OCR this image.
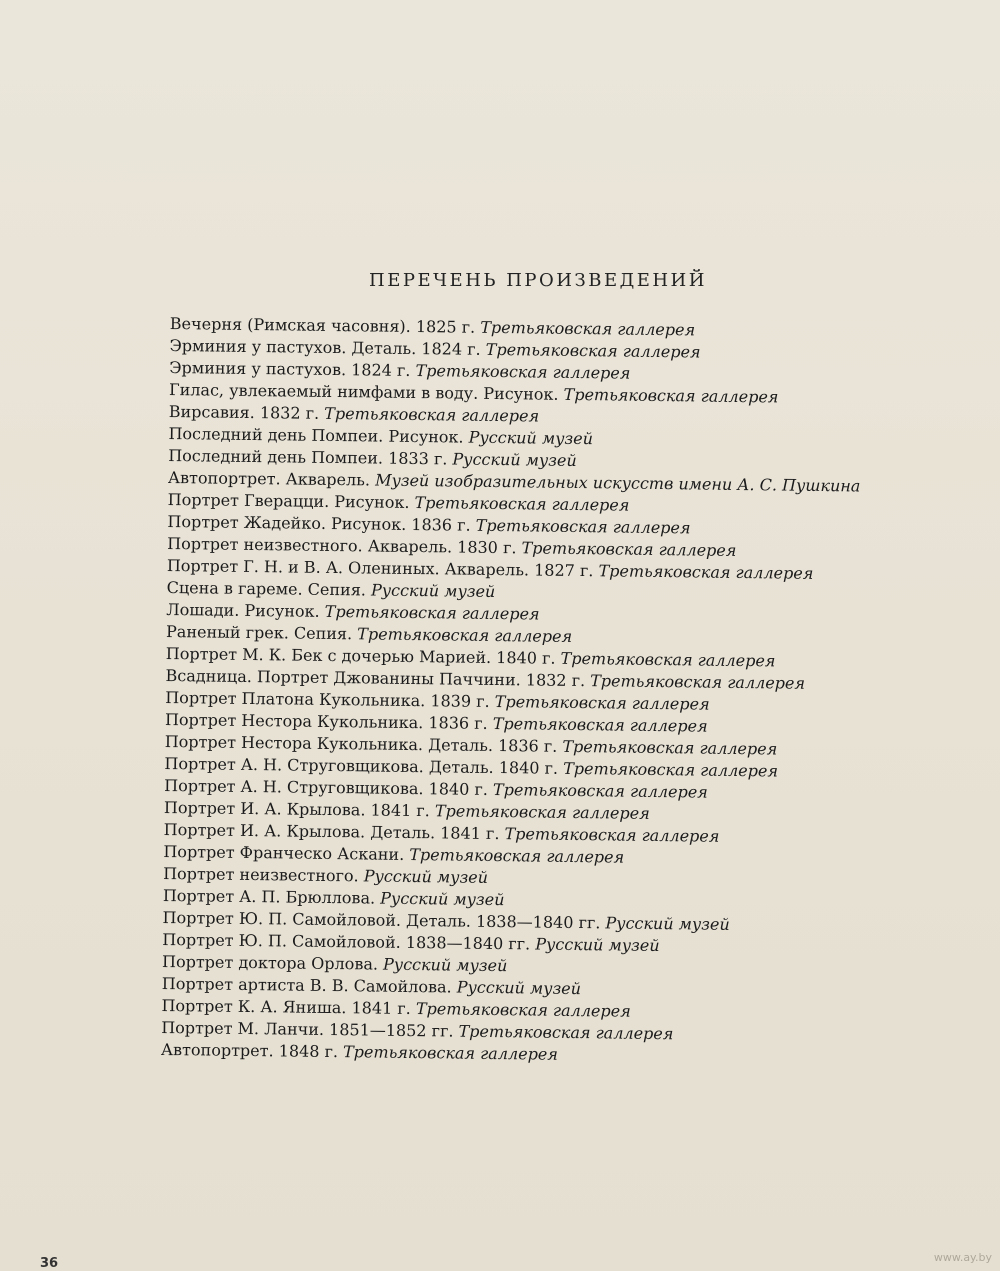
ПЕРЕЧЕНЬ ПРОИЗВЕДЕНИЙ
Вечерня (Римская часовня). 1825 г. Третьяковская галлерея
Эрминия у пастухов. Деталь. 1824 г. Третьяковская галлерея
Эрминия у пастухов. 1824 г. Третьяковская галлерея
Гилас, увлекаемый нимфами в воду. Рисунок. Третьяковская галлерея
Вирсавия. 1832 г. Третьяковская галлерея
Последний день Помпеи. Рисунок. Русский музей
Последний день Помпеи. 1833 г. Русский музей
Автопортрет. Акварель. Музей изобразительных искусств имени А. С. Пушкина
Портрет Гверацци. Рисунок. Третьяковская галлерея
Портрет Жадейко. Рисунок. 1836 г. Третьяковская галлерея
Портрет неизвестного. Акварель. 1830 г. Третьяковская галлерея
Портрет Г. Н. и В. А. Олениных. Акварель. 1827 г. Третьяковская галлерея
Сцена в гареме. Сепия. Русский музей
Лошади. Рисунок. Третьяковская галлерея
Раненый грек. Сепия. Третьяковская галлерея
Портрет М. К. Бек с дочерью Марией. 1840 г. Третьяковская галлерея
Всадница. Портрет Джованины Паччини. 1832 г. Третьяковская галлерея
Портрет Платона Кукольника. 1839 г. Третьяковская галлерея
Портрет Нестора Кукольника. 1836 г. Третьяковская галлерея
Портрет Нестора Кукольника. Деталь. 1836 г. Третьяковская галлерея
Портрет А. Н. Струговщикова. Деталь. 1840 г. Третьяковская галлерея
Портрет А. Н. Струговщикова. 1840 г. Третьяковская галлерея
Портрет И. А. Крылова. 1841 г. Третьяковская галлерея
Портрет И. А. Крылова. Деталь. 1841 г. Третьяковская галлерея
Портрет Франческо Аскани. Третьяковская галлерея
Портрет неизвестного. Русский музей
Портрет А. П. Брюллова. Русский музей
Портрет Ю. П. Самойловой. Деталь. 1838—1840 гг. Русский музей
Портрет Ю. П. Самойловой. 1838—1840 гг. Русский музей
Портрет доктора Орлова. Русский музей
Портрет артиста В. В. Самойлова. Русский музей
Портрет К. А. Яниша. 1841 г. Третьяковская галлерея
Портрет М. Ланчи. 1851—1852 гг. Третьяковская галлерея
Автопортрет. 1848 г. Третьяковская галлерея
36	www.ay.by
